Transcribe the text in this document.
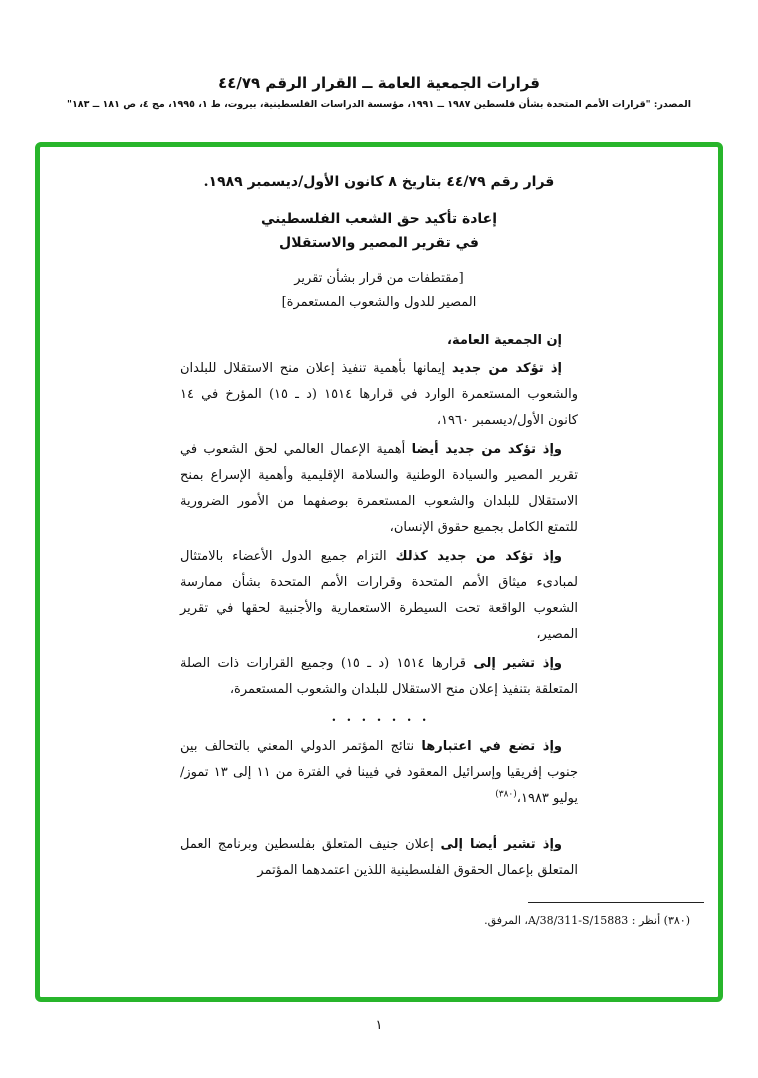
قرارات الجمعية العامة ــ القرار الرقم ٤٤/٧٩
المصدر: "قرارات الأمم المتحدة بشأن فلسطين ١٩٨٧ ــ ١٩٩١، مؤسسة الدراسات الفلسطينية، بيروت، ط ١، ١٩٩٥، مج ٤، ص ١٨١ ــ ١٨٣"
قرار رقم ٤٤/٧٩ بتاريخ ٨ كانون الأول/ديسمبر ١٩٨٩.
إعادة تأكيد حق الشعب الفلسطيني
في تقرير المصير والاستقلال
[مقتطفات من قرار بشأن تقرير
المصير للدول والشعوب المستعمرة]
إن الجمعية العامة،

إذ تؤكد من جديد إيمانها بأهمية تنفيذ إعلان منح الاستقلال للبلدان والشعوب المستعمرة الوارد في قرارها ١٥١٤ (د ـ ١٥) المؤرخ في ١٤ كانون الأول/ديسمبر ١٩٦٠،

وإذ تؤكد من جديد أيضا أهمية الإعمال العالمي لحق الشعوب في تقرير المصير والسيادة الوطنية والسلامة الإقليمية وأهمية الإسراع بمنح الاستقلال للبلدان والشعوب المستعمرة بوصفهما من الأمور الضرورية للتمتع الكامل بجميع حقوق الإنسان،

وإذ تؤكد من جديد كذلك التزام جميع الدول الأعضاء بالامتثال لمبادىء ميثاق الأمم المتحدة وقرارات الأمم المتحدة بشأن ممارسة الشعوب الواقعة تحت السيطرة الاستعمارية والأجنبية لحقها في تقرير المصير،

وإذ تشير إلى قرارها ١٥١٤ (د ـ ١٥) وجميع القرارات ذات الصلة المتعلقة بتنفيذ إعلان منح الاستقلال للبلدان والشعوب المستعمرة،

. . . . . . .

وإذ تضع في اعتبارها نتائج المؤتمر الدولي المعني بالتحالف بين جنوب إفريقيا وإسرائيل المعقود في فيينا في الفترة من ١١ إلى ١٣ تموز/يوليو ١٩٨٣،$^{(٣٨٠)}$

وإذ تشير أيضا إلى إعلان جنيف المتعلق بفلسطين وبرنامج العمل المتعلق بإعمال الحقوق الفلسطينية اللذين اعتمدهما المؤتمر

(٣٨٠) أنظر : A/38/311-S/15883، المرفق.
١
